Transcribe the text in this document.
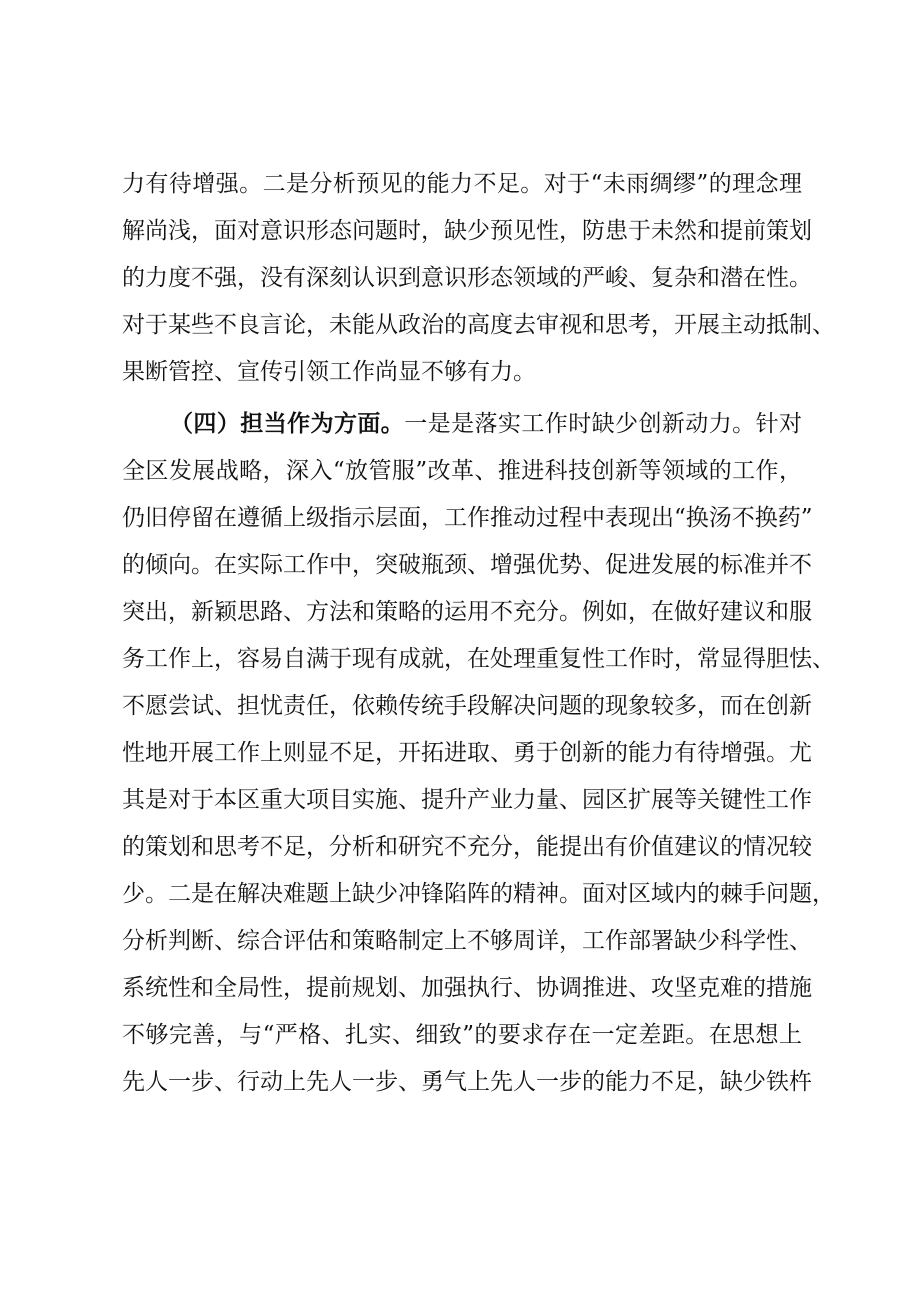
力有待增强。二是分析预见的能力不足。对于“未雨绸缪”的理念理
解尚浅，面对意识形态问题时，缺少预见性，防患于未然和提前策划
的力度不强，没有深刻认识到意识形态领域的严峻、复杂和潜在性。
对于某些不良言论，未能从政治的高度去审视和思考，开展主动抵制、
果断管控、宣传引领工作尚显不够有力。
（四）担当作为方面。一是是落实工作时缺少创新动力。针对
全区发展战略，深入“放管服”改革、推进科技创新等领域的工作，
仍旧停留在遵循上级指示层面，工作推动过程中表现出“换汤不换药”
的倾向。在实际工作中，突破瓶颈、增强优势、促进发展的标准并不
突出，新颖思路、方法和策略的运用不充分。例如，在做好建议和服
务工作上，容易自满于现有成就，在处理重复性工作时，常显得胆怯、
不愿尝试、担忧责任，依赖传统手段解决问题的现象较多，而在创新
性地开展工作上则显不足，开拓进取、勇于创新的能力有待增强。尤
其是对于本区重大项目实施、提升产业力量、园区扩展等关键性工作
的策划和思考不足，分析和研究不充分，能提出有价值建议的情况较
少。二是在解决难题上缺少冲锋陷阵的精神。面对区域内的棘手问题，
分析判断、综合评估和策略制定上不够周详，工作部署缺少科学性、
系统性和全局性，提前规划、加强执行、协调推进、攻坚克难的措施
不够完善，与“严格、扎实、细致”的要求存在一定差距。在思想上
先人一步、行动上先人一步、勇气上先人一步的能力不足，缺少铁杵
